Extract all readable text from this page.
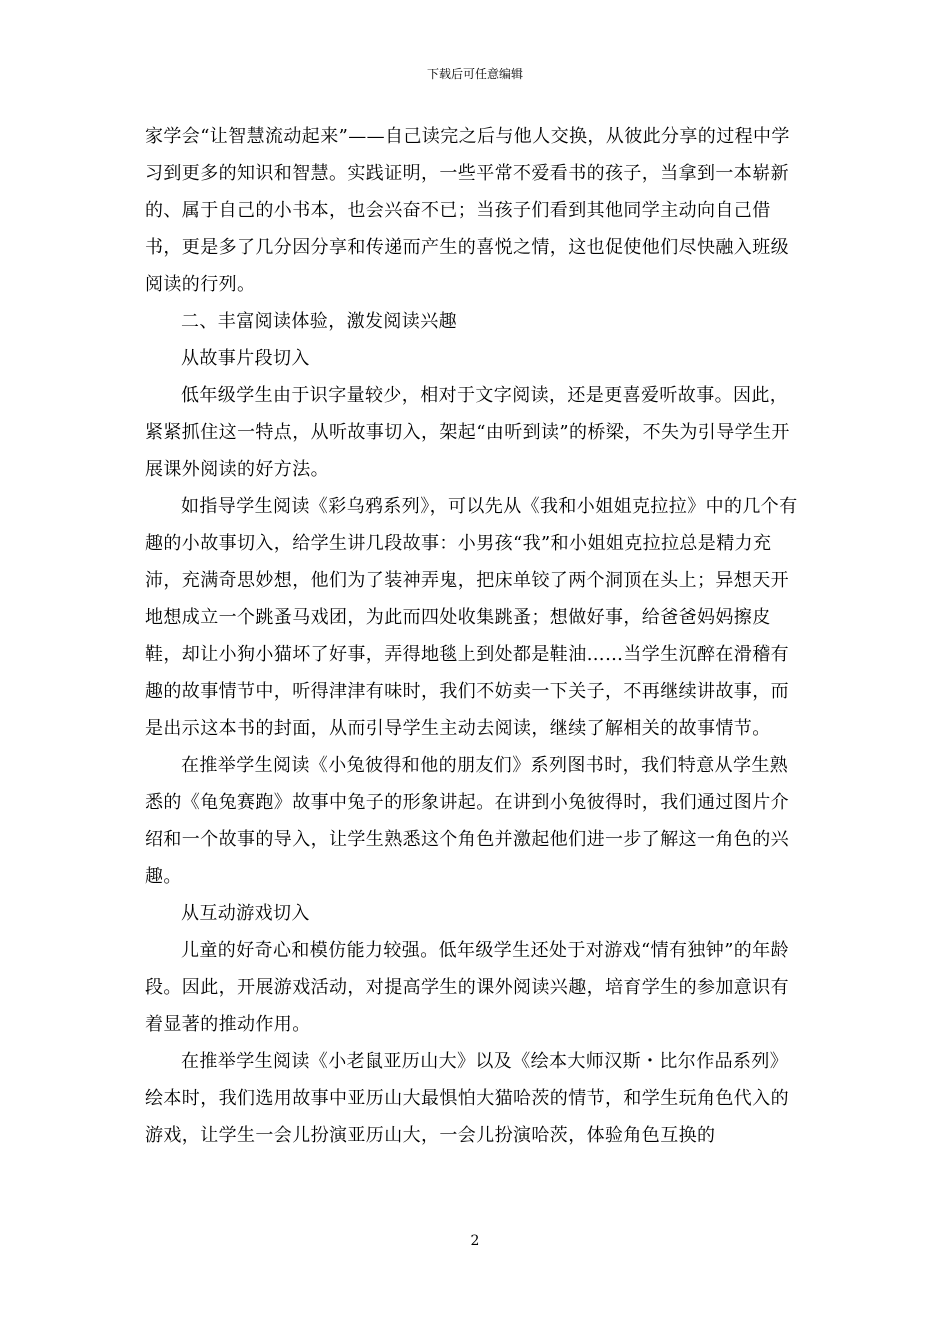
下载后可任意编辑

家学会“让智慧流动起来”——自己读完之后与他人交换，从彼此分享的过程中学习到更多的知识和智慧。实践证明，一些平常不爱看书的孩子，当拿到一本崭新的、属于自己的小书本，也会兴奋不已；当孩子们看到其他同学主动向自己借书，更是多了几分因分享和传递而产生的喜悦之情，这也促使他们尽快融入班级阅读的行列。

二、丰富阅读体验，激发阅读兴趣

从故事片段切入

低年级学生由于识字量较少，相对于文字阅读，还是更喜爱听故事。因此，紧紧抓住这一特点，从听故事切入，架起“由听到读”的桥梁，不失为引导学生开展课外阅读的好方法。

如指导学生阅读《彩乌鸦系列》，可以先从《我和小姐姐克拉拉》中的几个有趣的小故事切入，给学生讲几段故事：小男孩“我”和小姐姐克拉拉总是精力充沛，充满奇思妙想，他们为了装神弄鬼，把床单铰了两个洞顶在头上；异想天开地想成立一个跳蚤马戏团，为此而四处收集跳蚤；想做好事，给爸爸妈妈擦皮鞋，却让小狗小猫坏了好事，弄得地毯上到处都是鞋油……当学生沉醉在滑稽有趣的故事情节中，听得津津有味时，我们不妨卖一下关子，不再继续讲故事，而是出示这本书的封面，从而引导学生主动去阅读，继续了解相关的故事情节。

在推举学生阅读《小兔彼得和他的朋友们》系列图书时，我们特意从学生熟悉的《龟兔赛跑》故事中兔子的形象讲起。在讲到小兔彼得时，我们通过图片介绍和一个故事的导入，让学生熟悉这个角色并激起他们进一步了解这一角色的兴趣。

从互动游戏切入

儿童的好奇心和模仿能力较强。低年级学生还处于对游戏“情有独钟”的年龄段。因此，开展游戏活动，对提高学生的课外阅读兴趣，培育学生的参加意识有着显著的推动作用。

在推举学生阅读《小老鼠亚历山大》以及《绘本大师汉斯・比尔作品系列》绘本时，我们选用故事中亚历山大最惧怕大猫哈茨的情节，和学生玩角色代入的游戏，让学生一会儿扮演亚历山大，一会儿扮演哈茨，体验角色互换的

2
